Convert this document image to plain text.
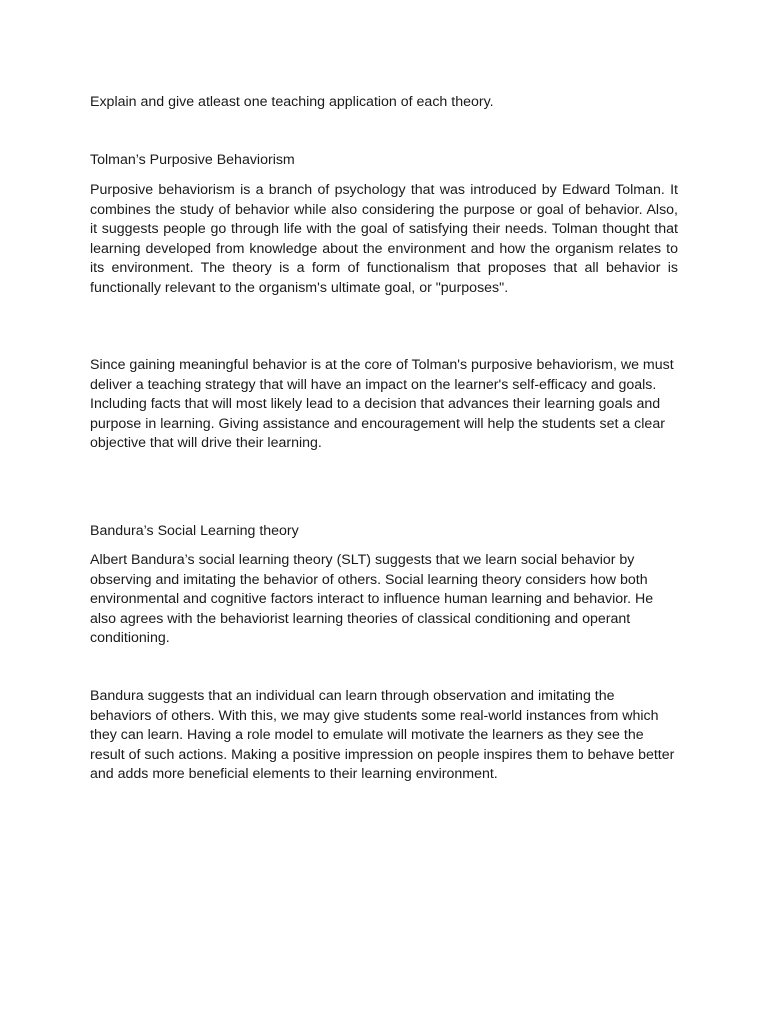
Explain and give atleast one teaching application of each theory.

Tolman’s Purposive Behaviorism

Purposive behaviorism is a branch of psychology that was introduced by Edward Tolman. It combines the study of behavior while also considering the purpose or goal of behavior. Also, it suggests people go through life with the goal of satisfying their needs. Tolman thought that learning developed from knowledge about the environment and how the organism relates to its environment. The theory is a form of functionalism that proposes that all behavior is functionally relevant to the organism's ultimate goal, or "purposes".

Since gaining meaningful behavior is at the core of Tolman's purposive behaviorism, we must deliver a teaching strategy that will have an impact on the learner's self-efficacy and goals. Including facts that will most likely lead to a decision that advances their learning goals and purpose in learning. Giving assistance and encouragement will help the students set a clear objective that will drive their learning.

Bandura’s Social Learning theory

Albert Bandura’s social learning theory (SLT) suggests that we learn social behavior by observing and imitating the behavior of others. Social learning theory considers how both environmental and cognitive factors interact to influence human learning and behavior. He also agrees with the behaviorist learning theories of classical conditioning and operant conditioning.

Bandura suggests that an individual can learn through observation and imitating the behaviors of others. With this, we may give students some real-world instances from which they can learn. Having a role model to emulate will motivate the learners as they see the result of such actions. Making a positive impression on people inspires them to behave better and adds more beneficial elements to their learning environment.
